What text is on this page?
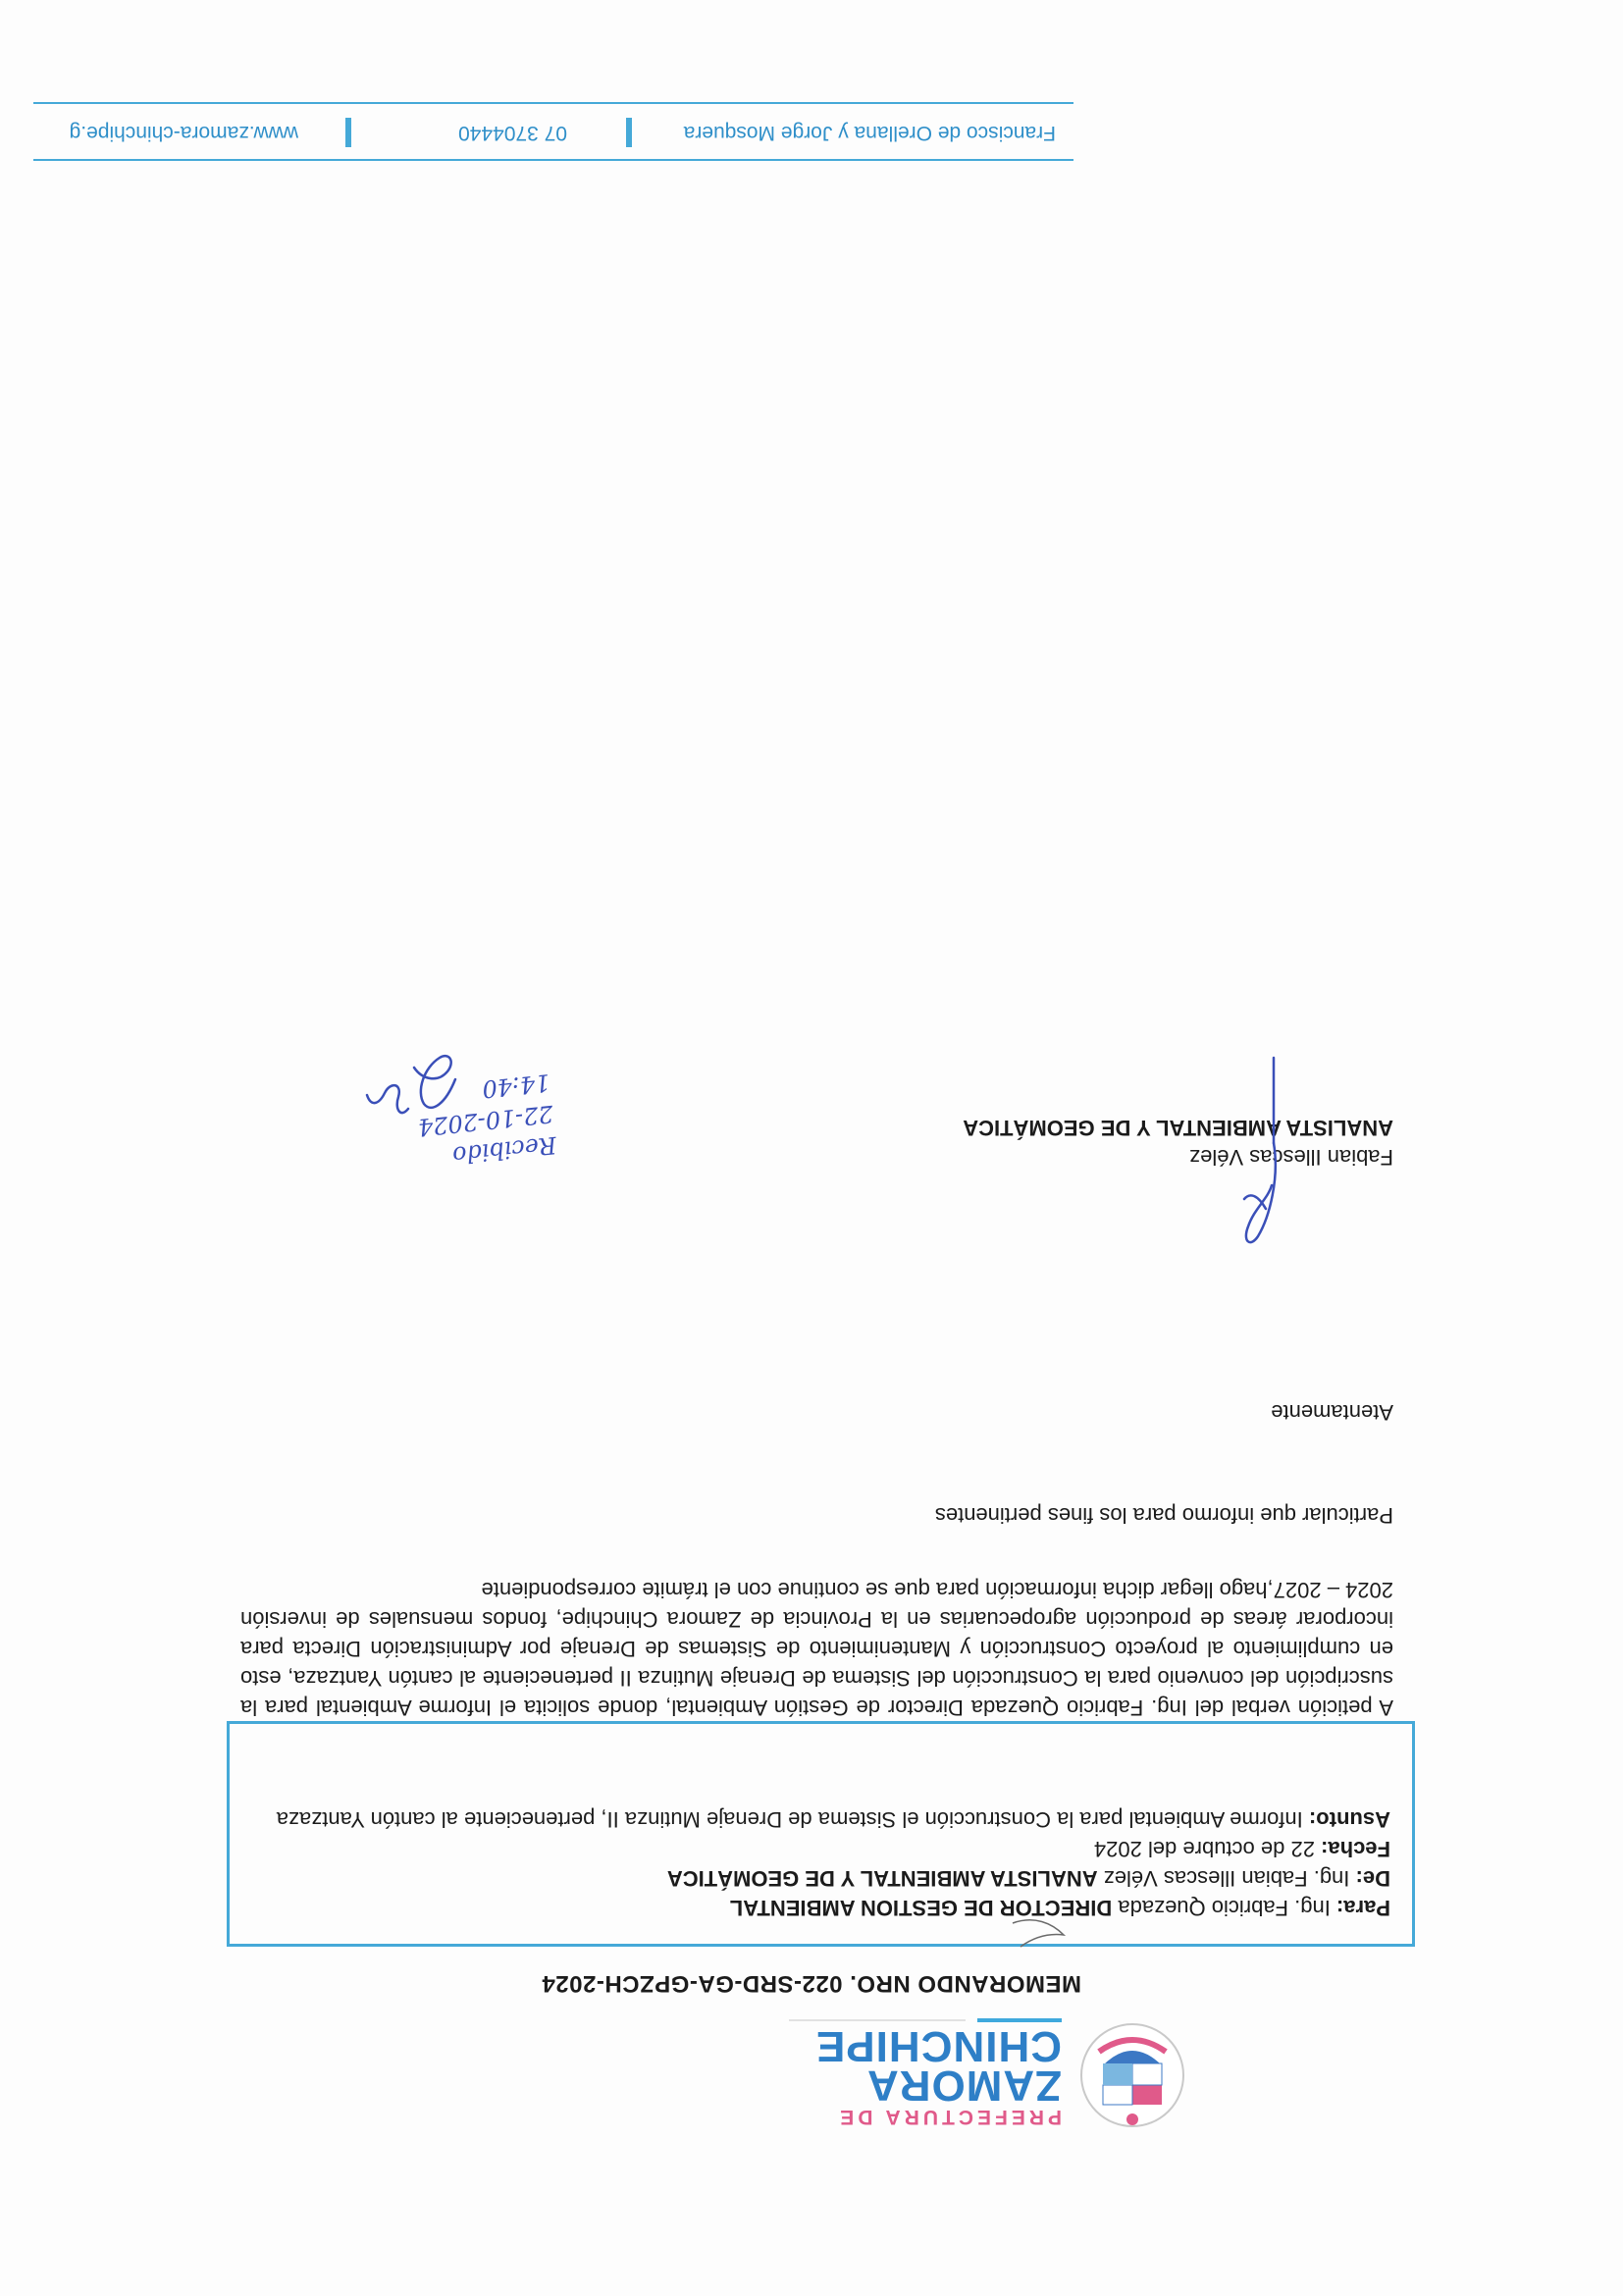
PREFECTURA DE
ZAMORA
CHINCHIPE
MEMORANDO NRO. 022-SRD-GA-GPZCH-2024
Para: Ing. Fabricio Quezada DIRECTOR DE GESTION AMBIENTAL
De: Ing. Fabian Illescas Vélez ANALISTA AMBIENTAL Y DE GEOMÁTICA
Fecha: 22 de octubre del 2024
Asunto: Informe Ambiental para la Construcción el Sistema de Drenaje Mutinza II, perteneciente al cantón Yantzaza

A petición verbal del Ing. Fabricio Quezada Director de Gestión Ambiental, donde solicita el Informe Ambiental para la suscripción del convenio para la Construcción del Sistema de Drenaje Mutinza II perteneciente al cantón Yantzaza, esto en cumplimiento al proyecto Construcción y Mantenimiento de Sistemas de Drenaje por Administración Directa para incorporar áreas de producción agropecuarias en la Provincia de Zamora Chinchipe, fondos mensuales de inversión 2024 – 2027,hago llegar dicha información para que se continue con el trámite correspondiente

Particular que informo para los fines pertinentes

Atentamente
Fabian Illescas Vélez
ANALISTA AMBIENTAL Y DE GEOMÁTICA
Recibido
22-10-2024
14:40
Francisco de Orellana y Jorge Mosquera
07 3704440
www.zamora-chinchipe.g
